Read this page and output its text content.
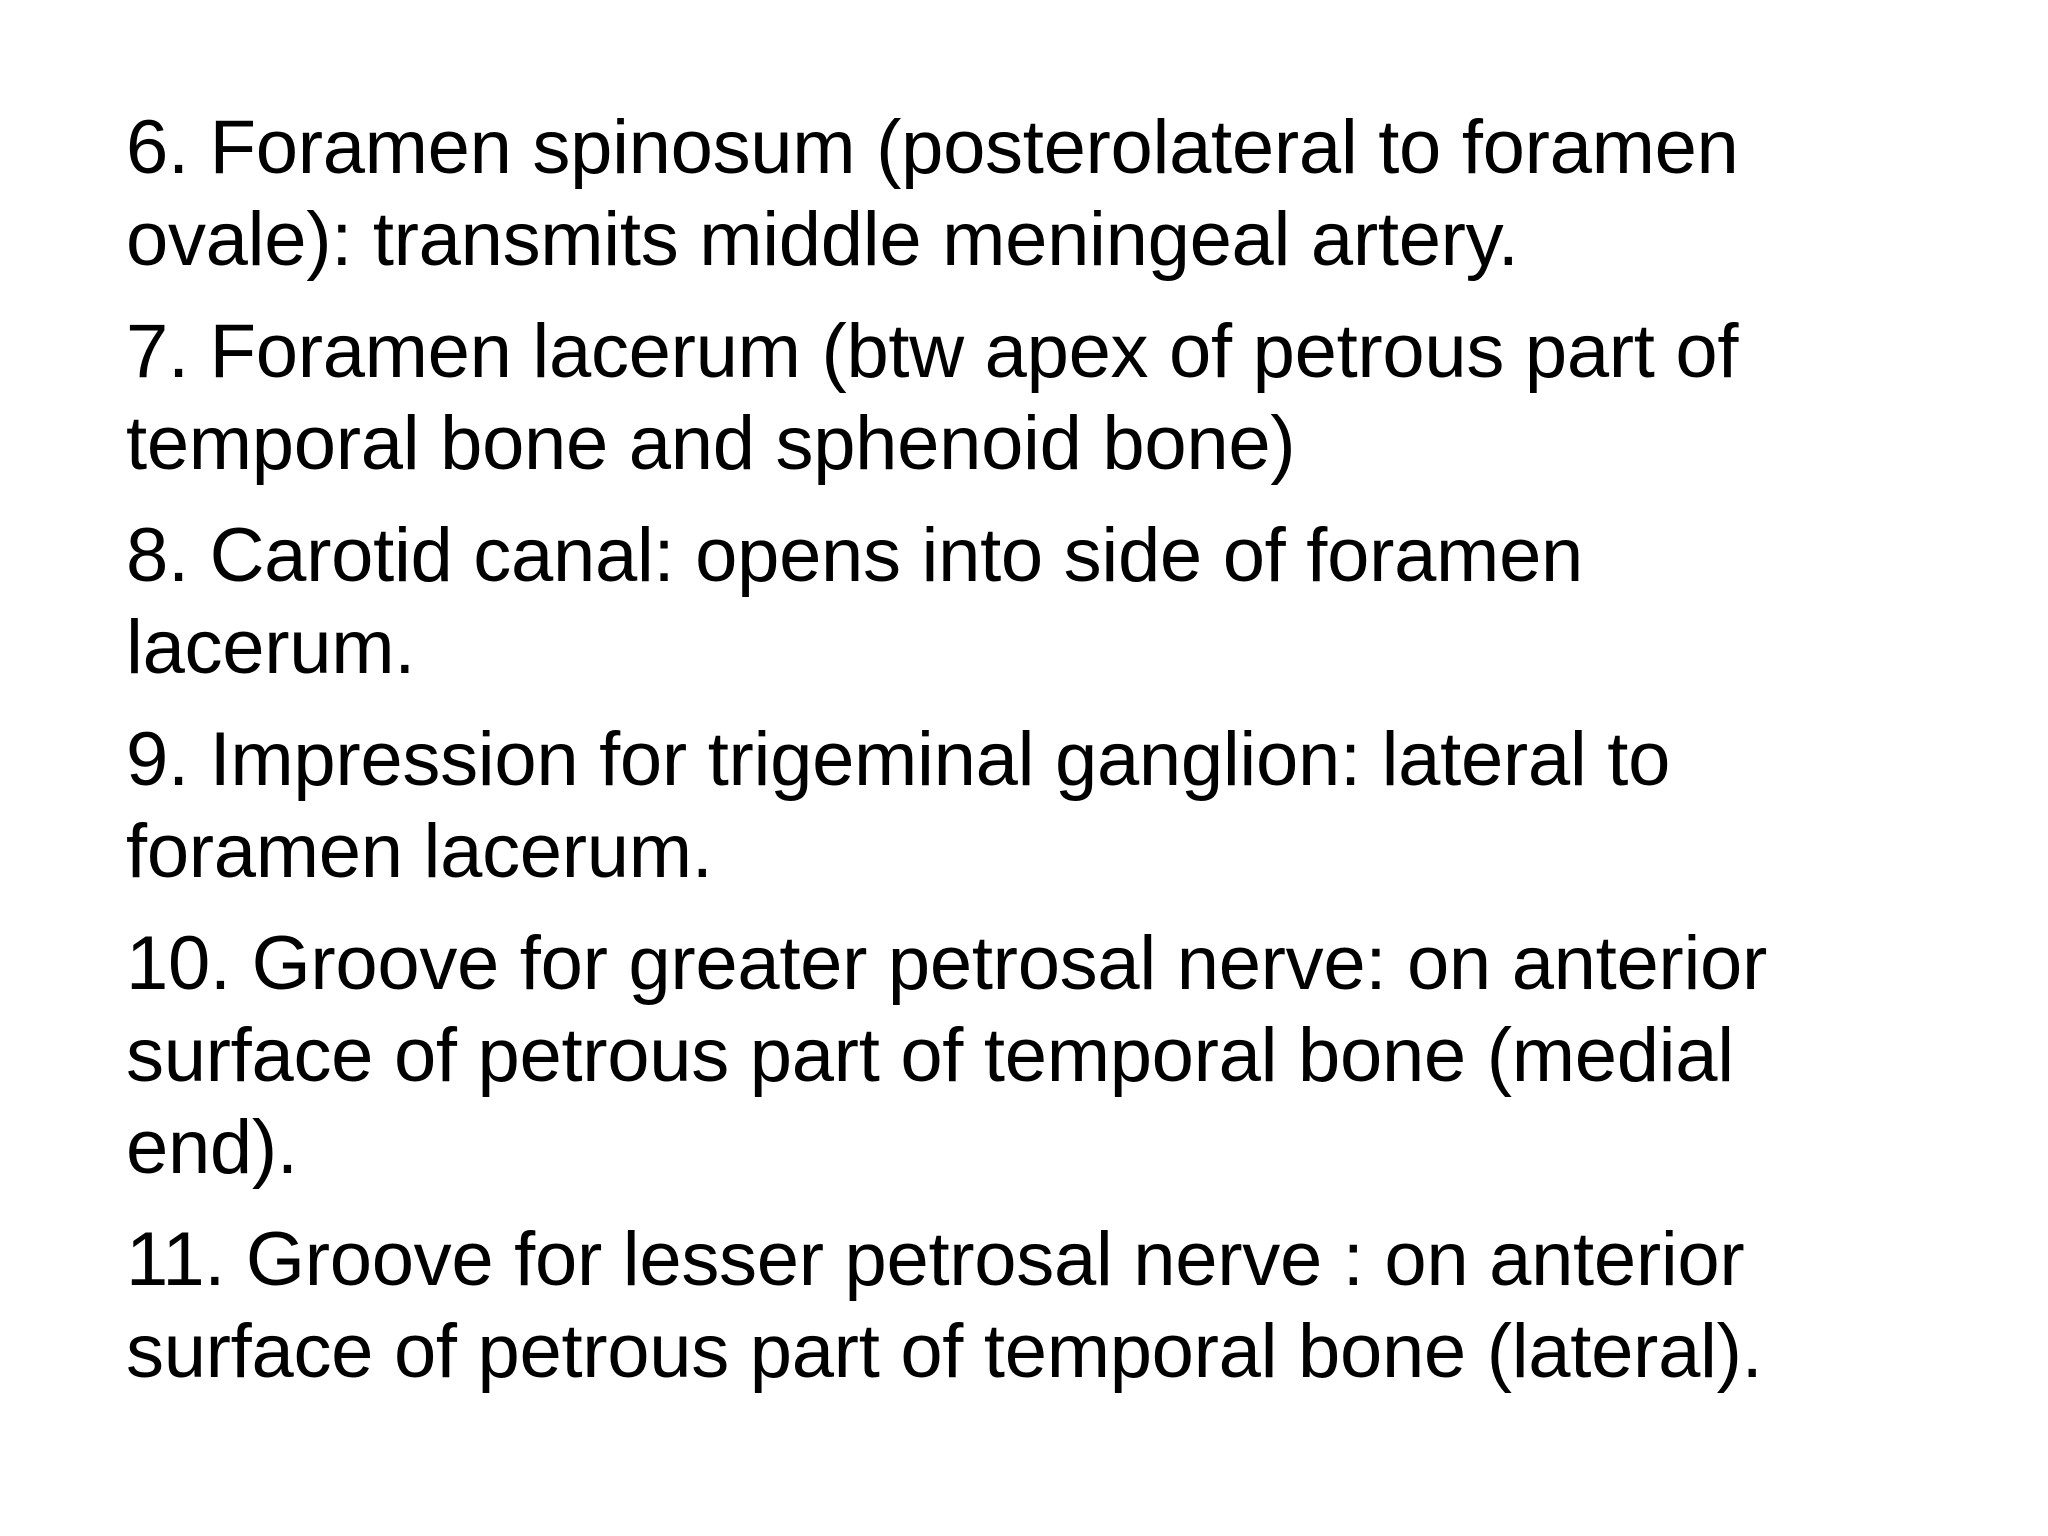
6. Foramen spinosum (posterolateral to foramen
ovale): transmits middle meningeal artery.
7. Foramen lacerum (btw apex of petrous part of
temporal bone and sphenoid bone)
8. Carotid canal: opens into side of foramen
lacerum.
9. Impression for trigeminal ganglion: lateral to
foramen lacerum.
10. Groove for greater petrosal nerve: on anterior
surface of petrous part of temporal bone (medial
end).
11. Groove for lesser petrosal nerve : on anterior
surface of petrous part of temporal bone (lateral).
